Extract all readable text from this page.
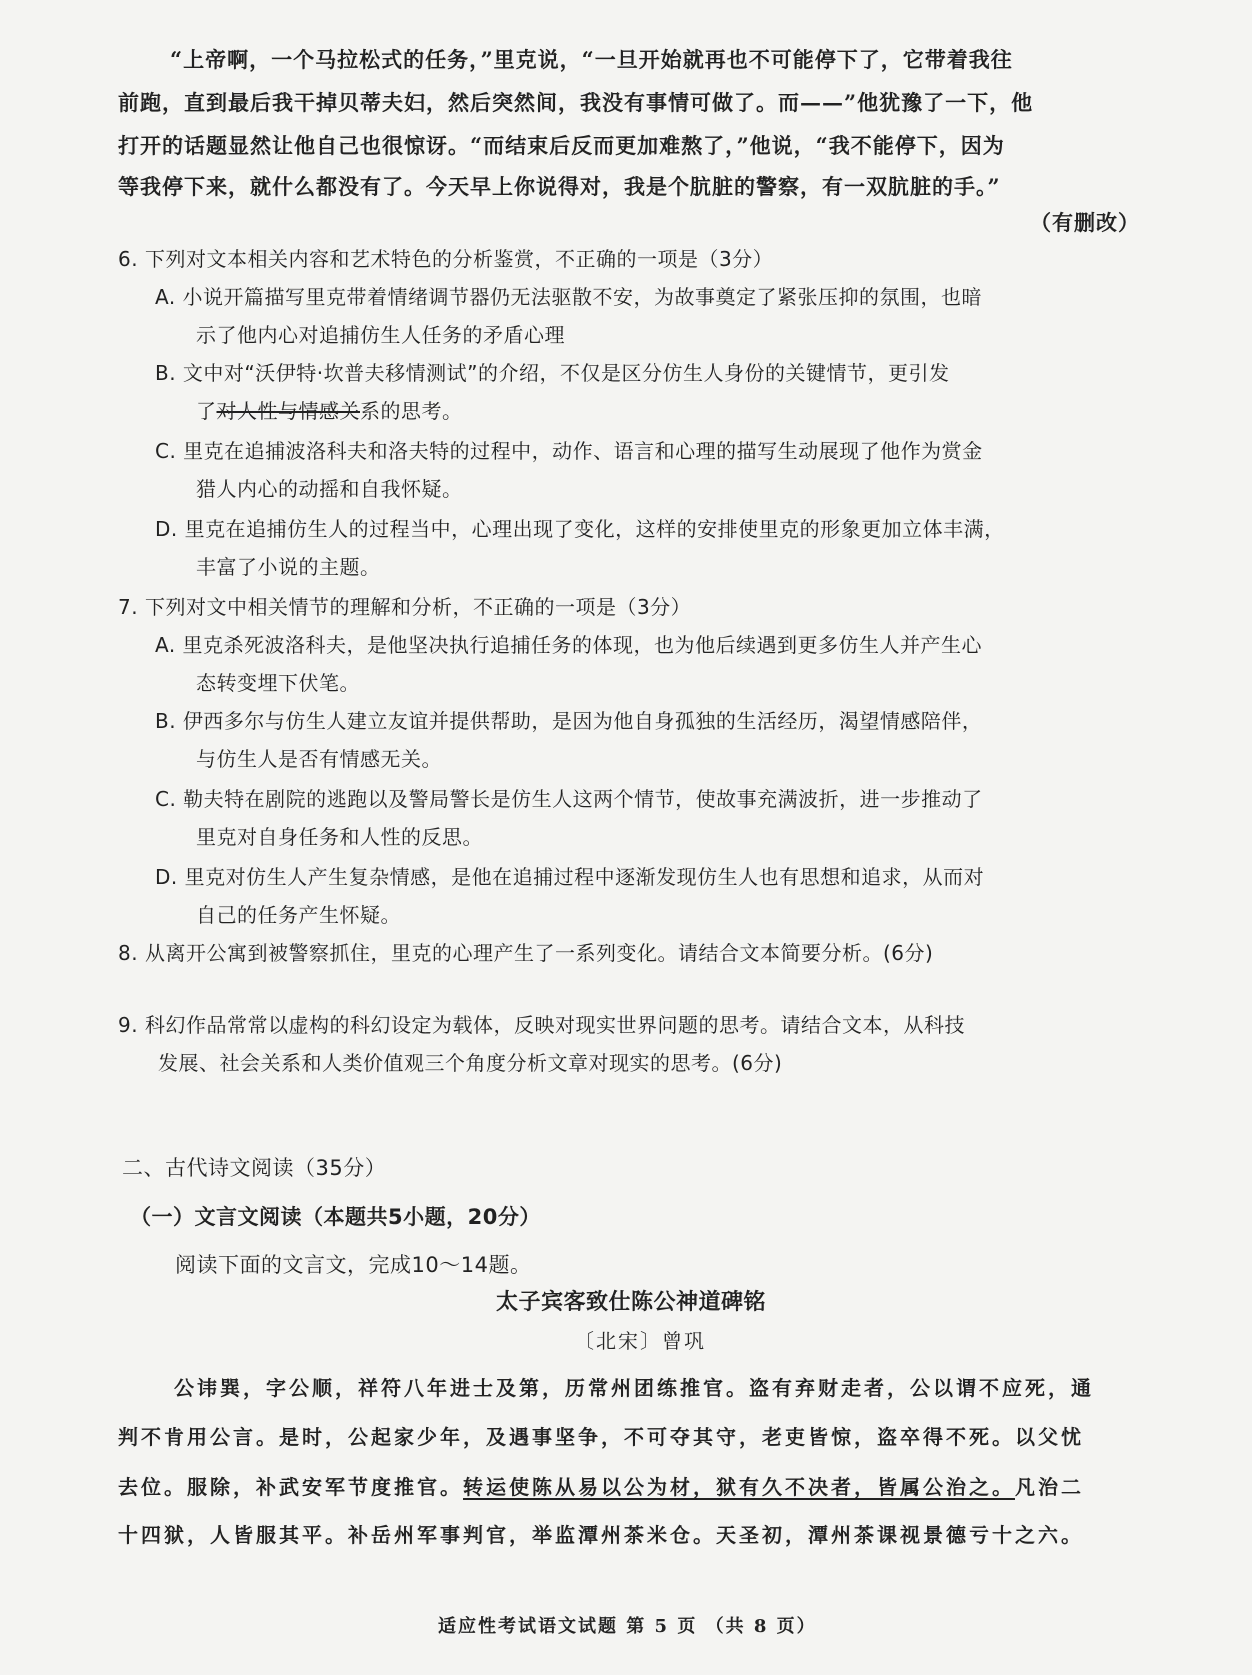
“上帝啊，一个马拉松式的任务，”里克说，“一旦开始就再也不可能停下了，它带着我往
前跑，直到最后我干掉贝蒂夫妇，然后突然间，我没有事情可做了。而——”他犹豫了一下，他
打开的话题显然让他自己也很惊讶。“而结束后反而更加难熬了，”他说，“我不能停下，因为
等我停下来，就什么都没有了。今天早上你说得对，我是个肮脏的警察，有一双肮脏的手。”
（有删改）
6. 下列对文本相关内容和艺术特色的分析鉴赏，不正确的一项是（3分）
A. 小说开篇描写里克带着情绪调节器仍无法驱散不安，为故事奠定了紧张压抑的氛围，也暗
示了他内心对追捕仿生人任务的矛盾心理
B. 文中对“沃伊特·坎普夫移情测试”的介绍，不仅是区分仿生人身份的关键情节，更引发
了对人性与情感关系的思考。
C. 里克在追捕波洛科夫和洛夫特的过程中，动作、语言和心理的描写生动展现了他作为赏金
猎人内心的动摇和自我怀疑。
D. 里克在追捕仿生人的过程当中，心理出现了变化，这样的安排使里克的形象更加立体丰满，
丰富了小说的主题。
7. 下列对文中相关情节的理解和分析，不正确的一项是（3分）
A. 里克杀死波洛科夫，是他坚决执行追捕任务的体现，也为他后续遇到更多仿生人并产生心
态转变埋下伏笔。
B. 伊西多尔与仿生人建立友谊并提供帮助，是因为他自身孤独的生活经历，渴望情感陪伴，
与仿生人是否有情感无关。
C. 勒夫特在剧院的逃跑以及警局警长是仿生人这两个情节，使故事充满波折，进一步推动了
里克对自身任务和人性的反思。
D. 里克对仿生人产生复杂情感，是他在追捕过程中逐渐发现仿生人也有思想和追求，从而对
自己的任务产生怀疑。
8. 从离开公寓到被警察抓住，里克的心理产生了一系列变化。请结合文本简要分析。(6分)
9. 科幻作品常常以虚构的科幻设定为载体，反映对现实世界问题的思考。请结合文本，从科技
发展、社会关系和人类价值观三个角度分析文章对现实的思考。(6分)
二、古代诗文阅读（35分）
（一）文言文阅读（本题共5小题，20分）
阅读下面的文言文，完成10～14题。
太子宾客致仕陈公神道碑铭
〔北宋〕曾巩
公讳巽，字公顺，祥符八年进士及第，历常州团练推官。盗有弃财走者，公以谓不应死，通
判不肯用公言。是时，公起家少年，及遇事坚争，不可夺其守，老吏皆惊，盗卒得不死。以父忧
去位。服除，补武安军节度推官。转运使陈从易以公为材，狱有久不决者，皆属公治之。凡治二
十四狱，人皆服其平。补岳州军事判官，举监潭州茶米仓。天圣初，潭州茶课视景德亏十之六。
适应性考试语文试题 第 5 页 （共 8 页）
